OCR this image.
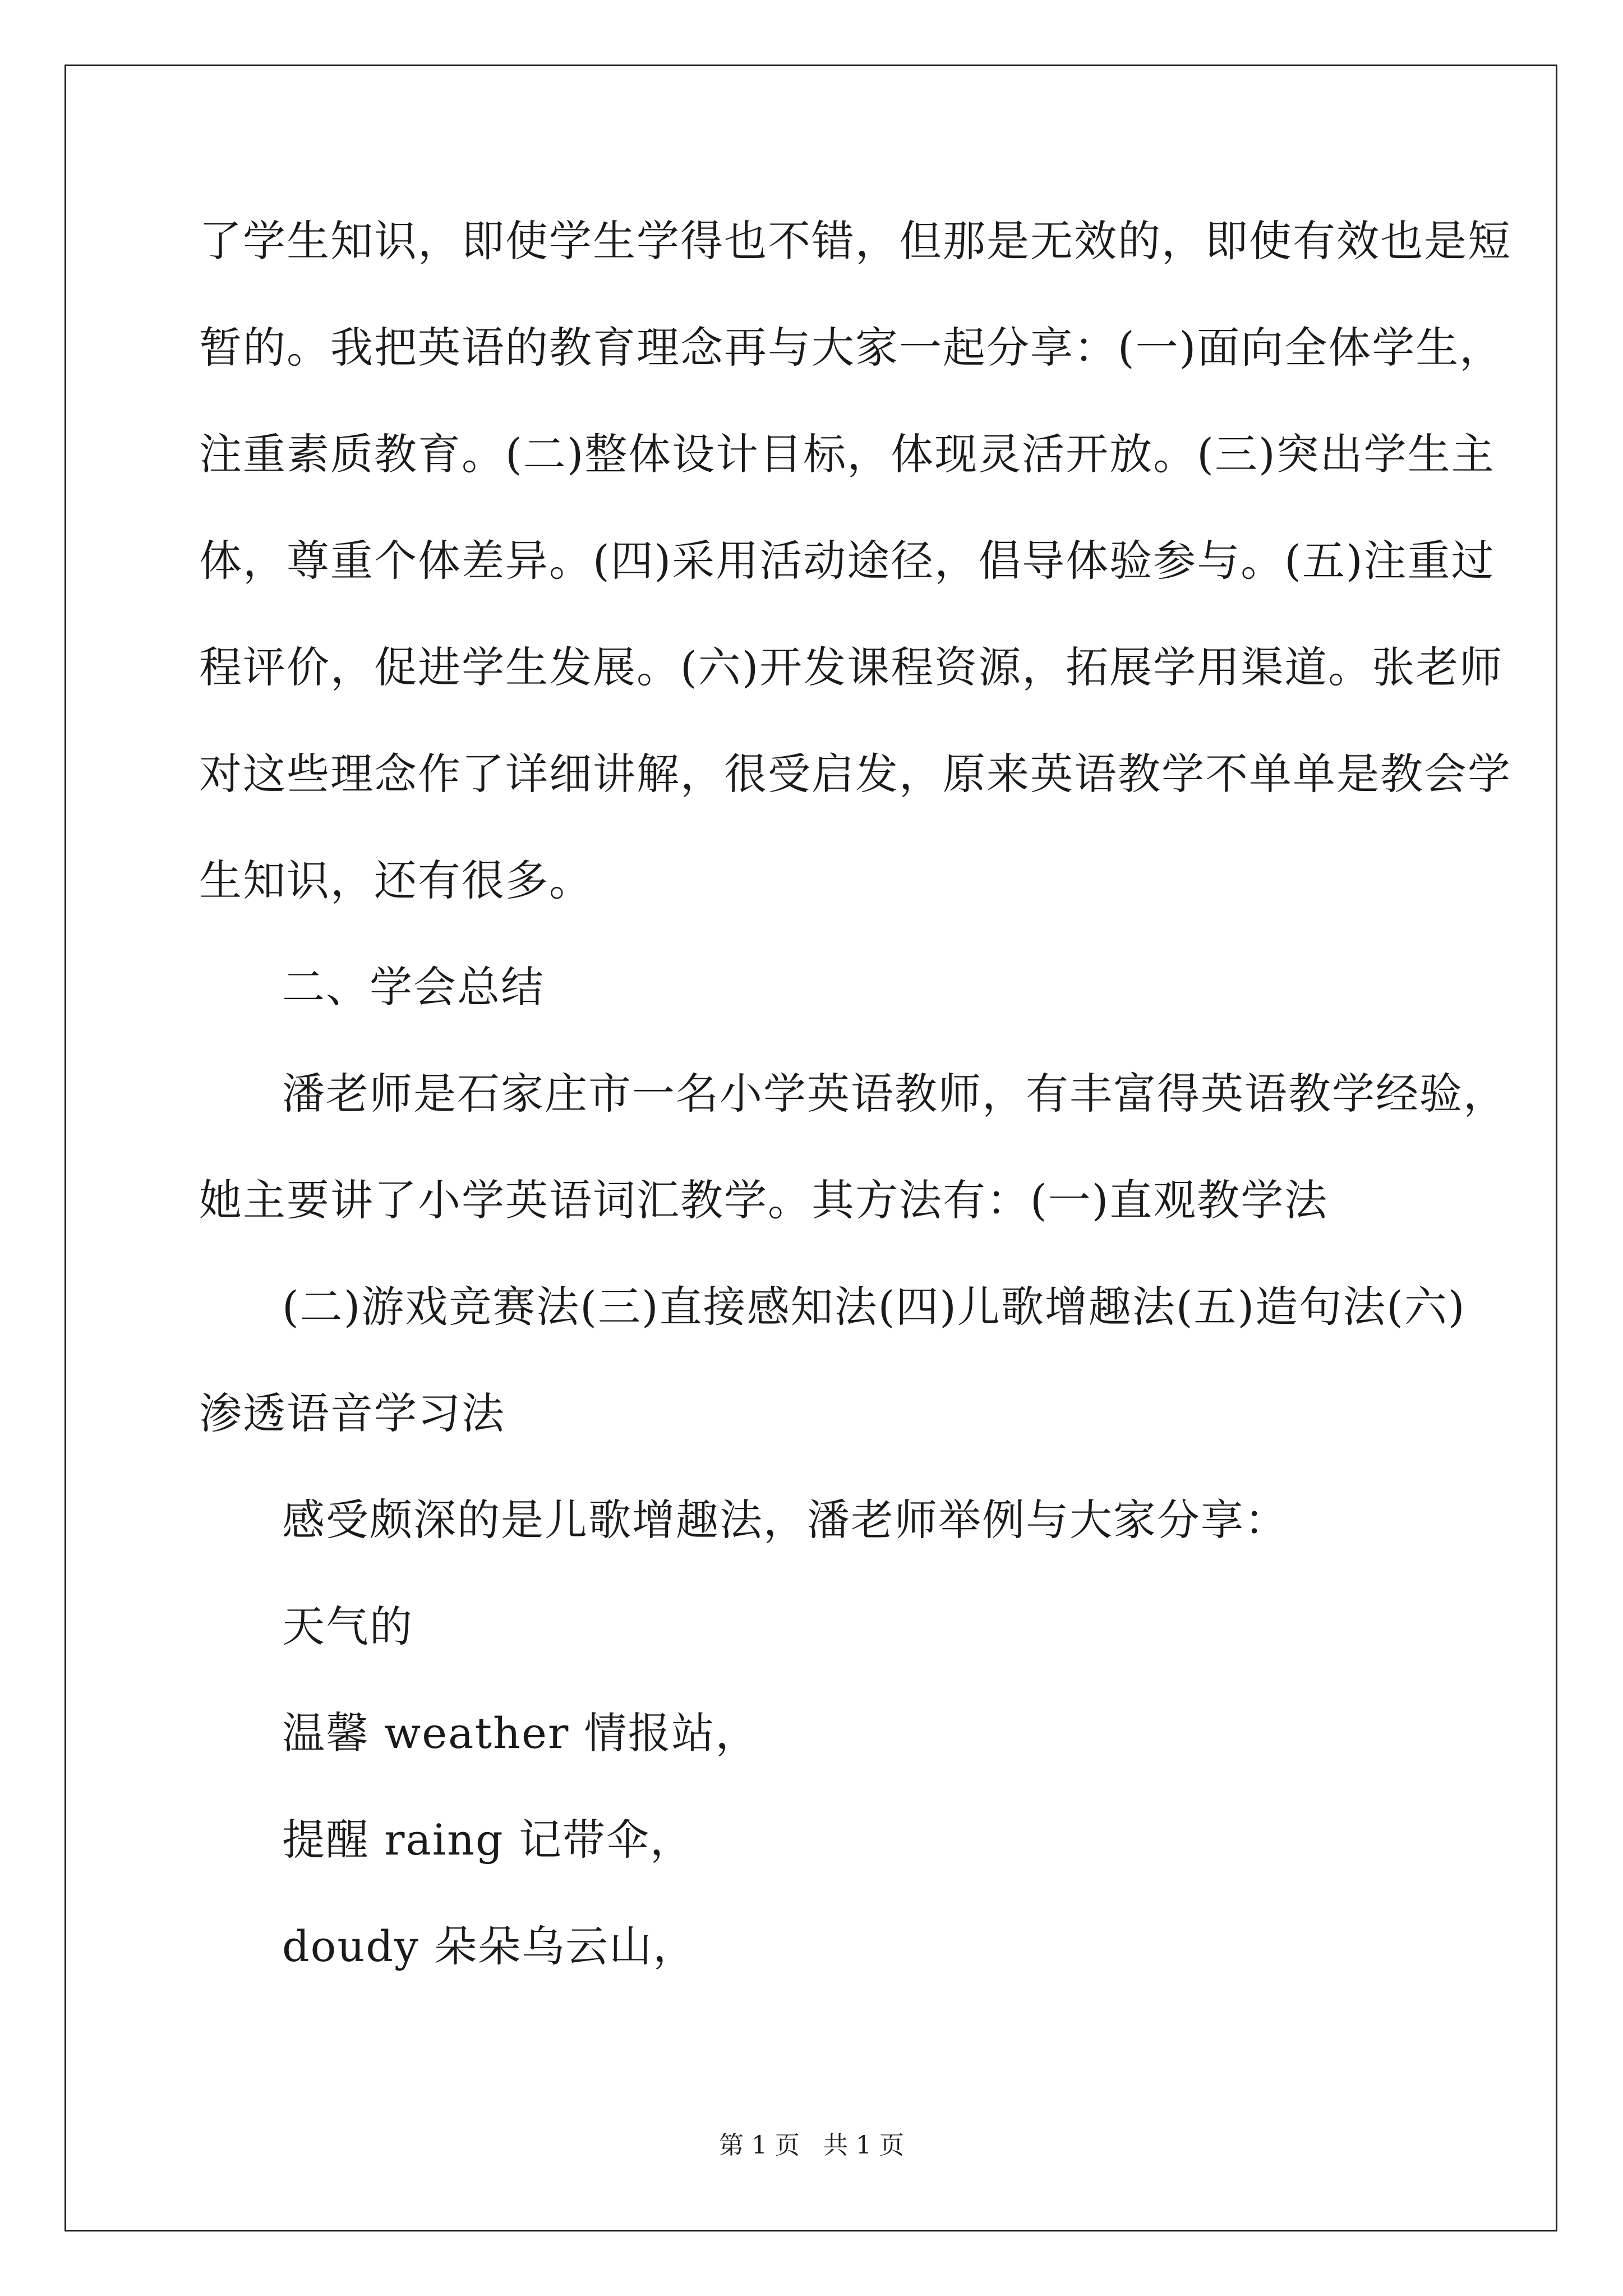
了学生知识，即使学生学得也不错，但那是无效的，即使有效也是短
暂的。我把英语的教育理念再与大家一起分享：(一)面向全体学生，
注重素质教育。(二)整体设计目标，体现灵活开放。(三)突出学生主
体，尊重个体差异。(四)采用活动途径，倡导体验参与。(五)注重过
程评价，促进学生发展。(六)开发课程资源，拓展学用渠道。张老师
对这些理念作了详细讲解，很受启发，原来英语教学不单单是教会学
生知识，还有很多。
二、学会总结
潘老师是石家庄市一名小学英语教师，有丰富得英语教学经验，
她主要讲了小学英语词汇教学。其方法有：(一)直观教学法
(二)游戏竞赛法(三)直接感知法(四)儿歌增趣法(五)造句法(六)
渗透语音学习法
感受颇深的是儿歌增趣法，潘老师举例与大家分享：
天气的
温馨 weather 情报站，
提醒 raing 记带伞，
doudy 朵朵乌云山，
第 1 页   共 1 页
